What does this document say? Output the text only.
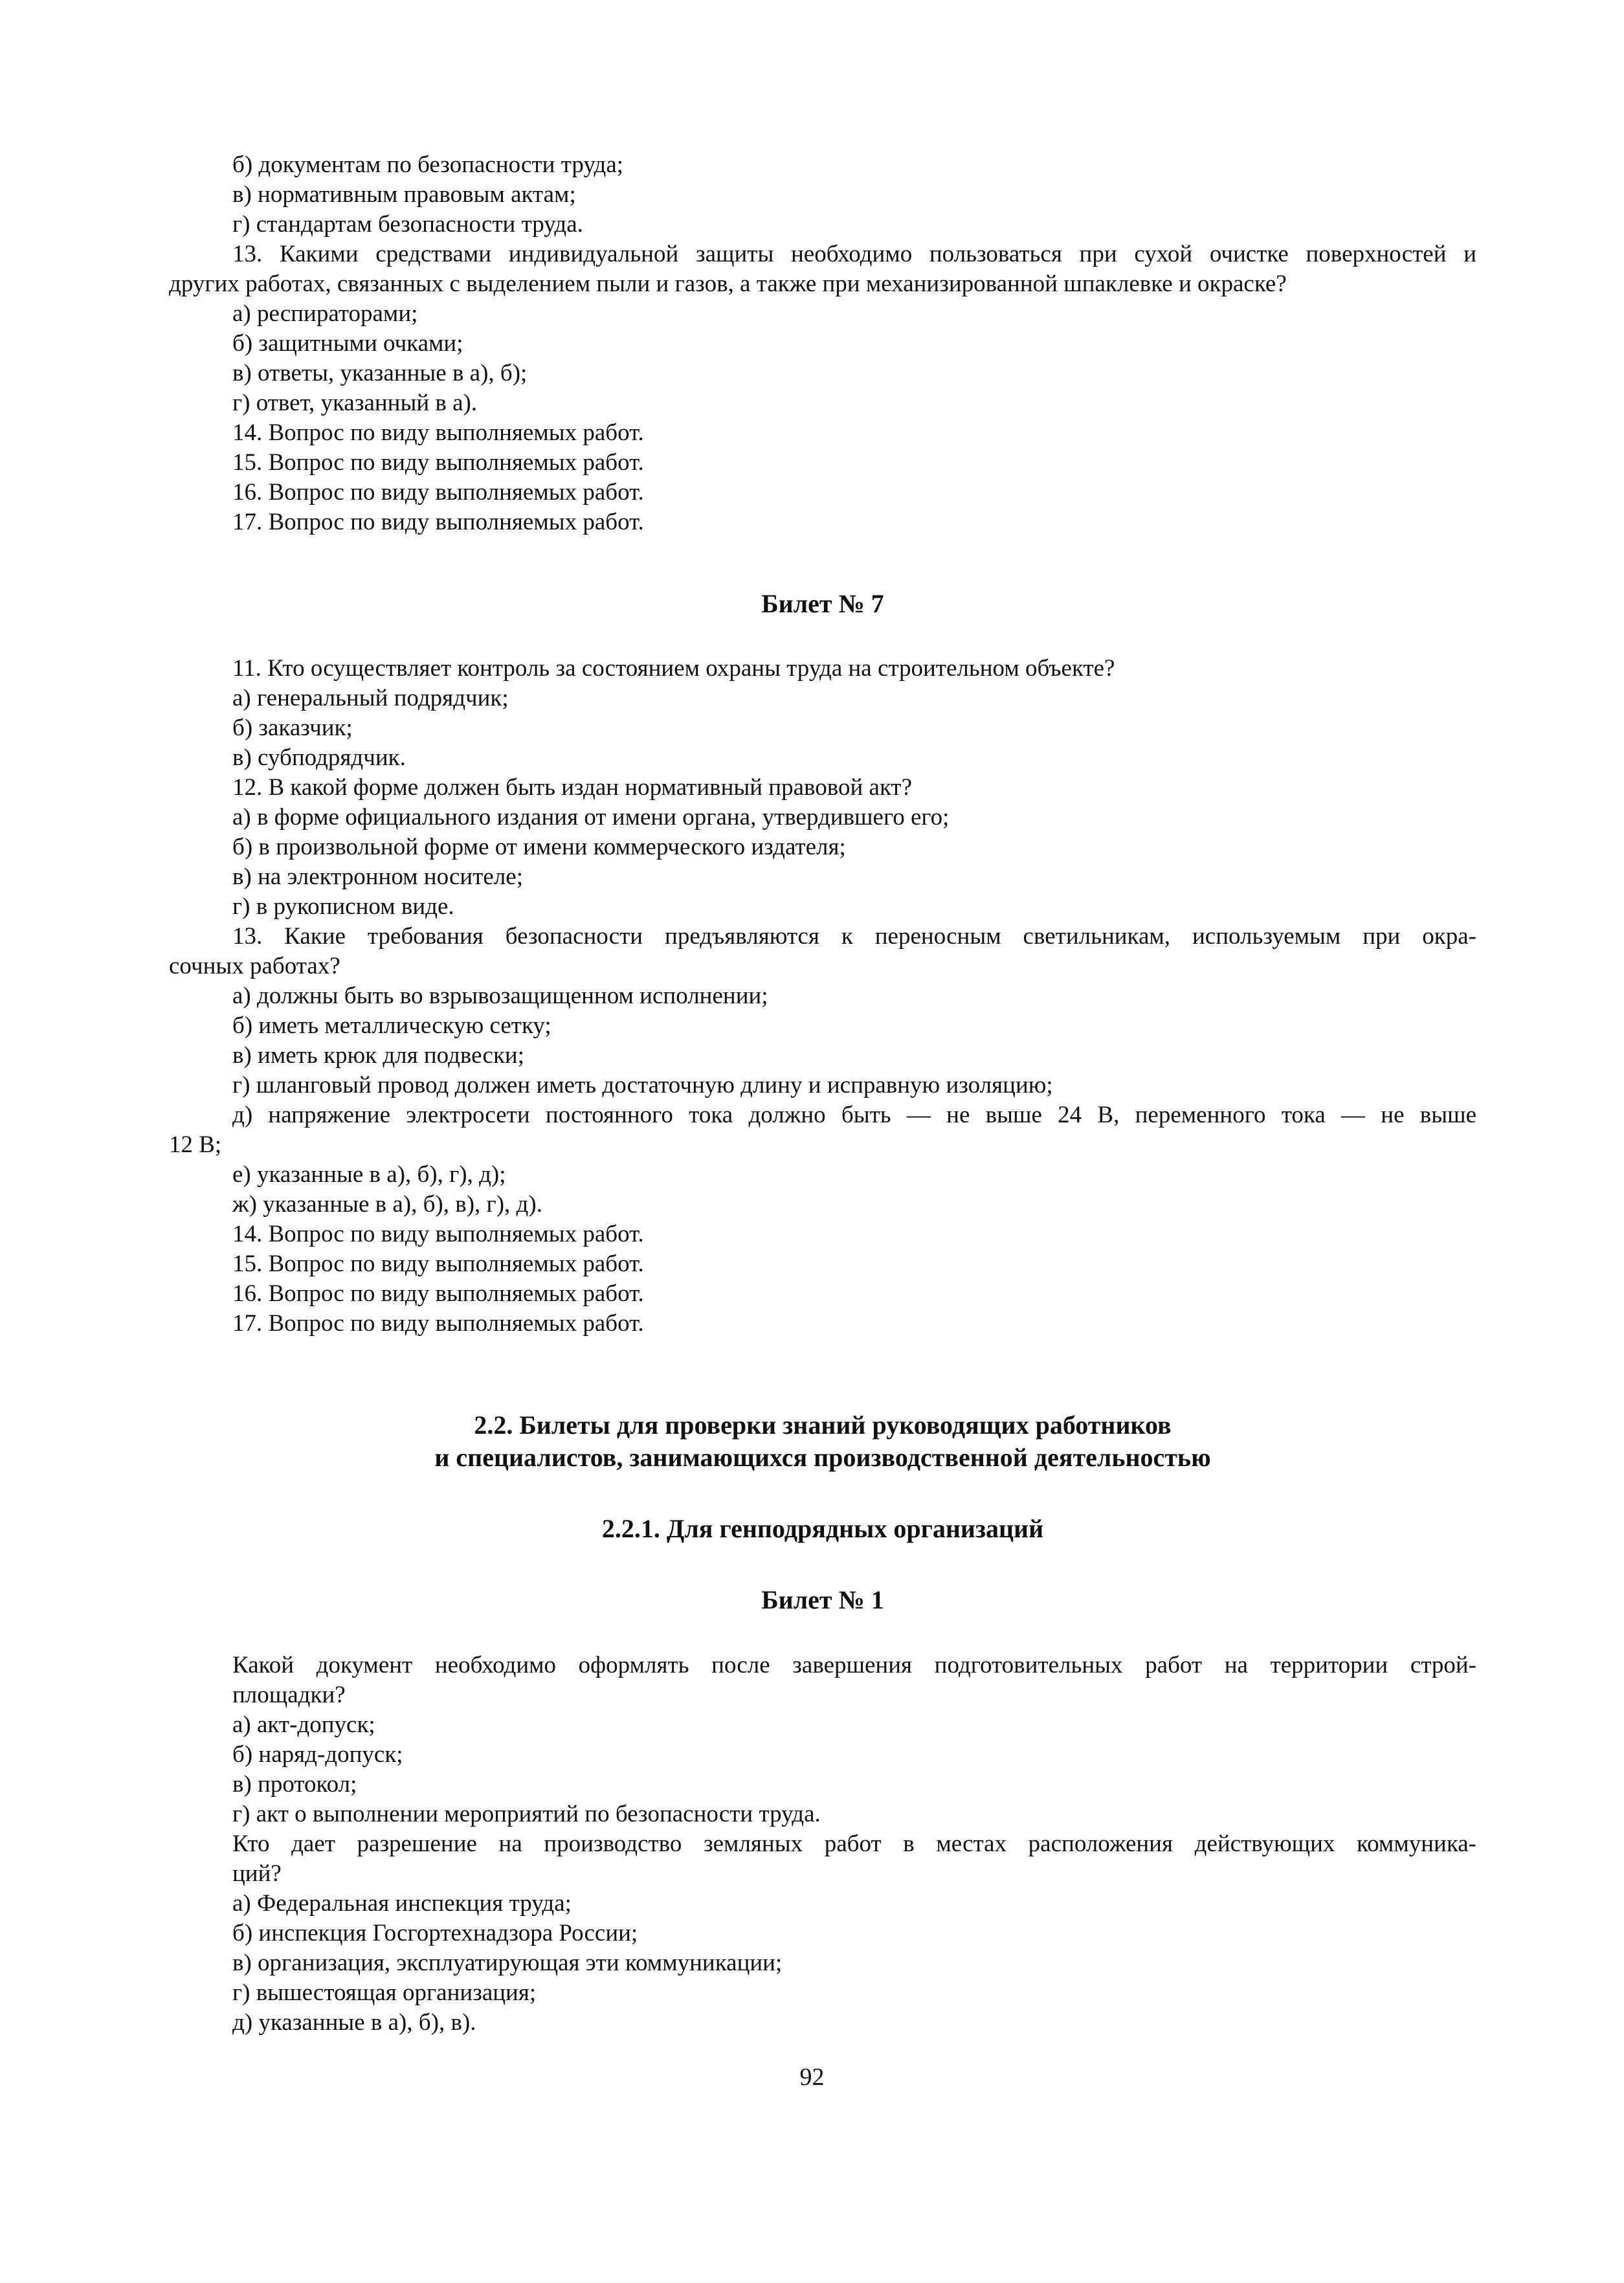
б) документам по безопасности труда;
в) нормативным правовым актам;
г) стандартам безопасности труда.
13. Какими средствами индивидуальной защиты необходимо пользоваться при сухой очистке поверхностей и
других работах, связанных с выделением пыли и газов, а также при механизированной шпаклевке и окраске?
а) респираторами;
б) защитными очками;
в) ответы, указанные в а), б);
г) ответ, указанный в а).
14. Вопрос по виду выполняемых работ.
15. Вопрос по виду выполняемых работ.
16. Вопрос по виду выполняемых работ.
17. Вопрос по виду выполняемых работ.
Билет № 7
11. Кто осуществляет контроль за состоянием охраны труда на строительном объекте?
а) генеральный подрядчик;
б) заказчик;
в) субподрядчик.
12. В какой форме должен быть издан нормативный правовой акт?
а) в форме официального издания от имени органа, утвердившего его;
б) в произвольной форме от имени коммерческого издателя;
в) на электронном носителе;
г) в рукописном виде.
13. Какие требования безопасности предъявляются к переносным светильникам, используемым при окра-
сочных работах?
а) должны быть во взрывозащищенном исполнении;
б) иметь металлическую сетку;
в) иметь крюк для подвески;
г) шланговый провод должен иметь достаточную длину и исправную изоляцию;
д) напряжение электросети постоянного тока должно быть — не выше 24 В, переменного тока — не выше
12 В;
е) указанные в а), б), г), д);
ж) указанные в а), б), в), г), д).
14. Вопрос по виду выполняемых работ.
15. Вопрос по виду выполняемых работ.
16. Вопрос по виду выполняемых работ.
17. Вопрос по виду выполняемых работ.
2.2. Билеты для проверки знаний руководящих работников
и специалистов, занимающихся производственной деятельностью
2.2.1. Для генподрядных организаций
Билет № 1
Какой документ необходимо оформлять после завершения подготовительных работ на территории строй-
площадки?
а) акт-допуск;
б) наряд-допуск;
в) протокол;
г) акт о выполнении мероприятий по безопасности труда.
Кто дает разрешение на производство земляных работ в местах расположения действующих коммуника-
ций?
а) Федеральная инспекция труда;
б) инспекция Госгортехнадзора России;
в) организация, эксплуатирующая эти коммуникации;
г) вышестоящая организация;
д) указанные в а), б), в).
92
